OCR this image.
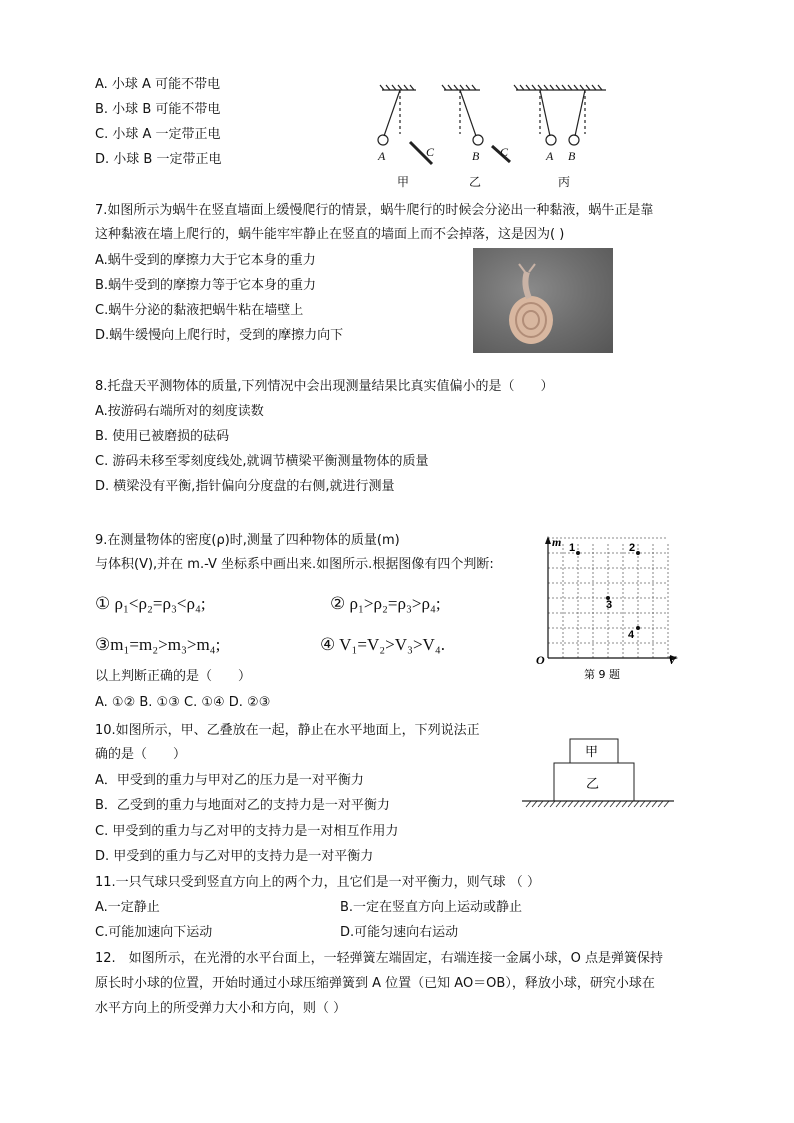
A. 小球 A 可能不带电
B. 小球 B 可能不带电
C. 小球 A 一定带正电
D. 小球 B 一定带正电	A	C	B C	A B
甲	乙	丙
7.如图所示为蜗牛在竖直墙面上缓慢爬行的情景，蜗牛爬行的时候会分泌出一种黏液，蜗牛正是靠
这种黏液在墙上爬行的，蜗牛能牢牢静止在竖直的墙面上而不会掉落，这是因为( )
A.蜗牛受到的摩擦力大于它本身的重力
B.蜗牛受到的摩擦力等于它本身的重力
C.蜗牛分泌的黏液把蜗牛粘在墙壁上
D.蜗牛缓慢向上爬行时，受到的摩擦力向下
8.托盘天平测物体的质量,下列情况中会出现测量结果比真实值偏小的是（　　）
A.按游码右端所对的刻度读数
B. 使用已被磨损的砝码
C. 游码未移至零刻度线处,就调节横梁平衡测量物体的质量
D. 横梁没有平衡,指针偏向分度盘的右侧,就进行测量
9.在测量物体的密度(ρ)时,测量了四种物体的质量(m)
与体积(V),并在 m.-V 坐标系中画出来.如图所示.根据图像有四个判断:
① ρ₁<ρ₂=ρ₃<ρ₄;	② ρ₁>ρ₂=ρ₃>ρ₄;
③m₁=m₂>m₃>m₄;	④ V₁=V₂>V₃>V₄.
以上判断正确的是（　　）
A. ①② B. ①③ C. ①④ D. ②③
1	2
3
4
m
V
O
第 9 题
10.如图所示，甲、乙叠放在一起，静止在水平地面上，下列说法正
确的是（　　）
A．甲受到的重力与甲对乙的压力是一对平衡力
B．乙受到的重力与地面对乙的支持力是一对平衡力
C. 甲受到的重力与乙对甲的支持力是一对相互作用力
D. 甲受到的重力与乙对甲的支持力是一对平衡力
甲
乙
11.一只气球只受到竖直方向上的两个力，且它们是一对平衡力，则气球 （ ）
A.一定静止	B.一定在竖直方向上运动或静止
C.可能加速向下运动	D.可能匀速向右运动
12.　如图所示，在光滑的水平台面上，一轻弹簧左端固定，右端连接一金属小球，O 点是弹簧保持
原长时小球的位置，开始时通过小球压缩弹簧到 A 位置（已知 AO＝OB），释放小球，研究小球在
水平方向上的所受弹力大小和方向，则（ ）
